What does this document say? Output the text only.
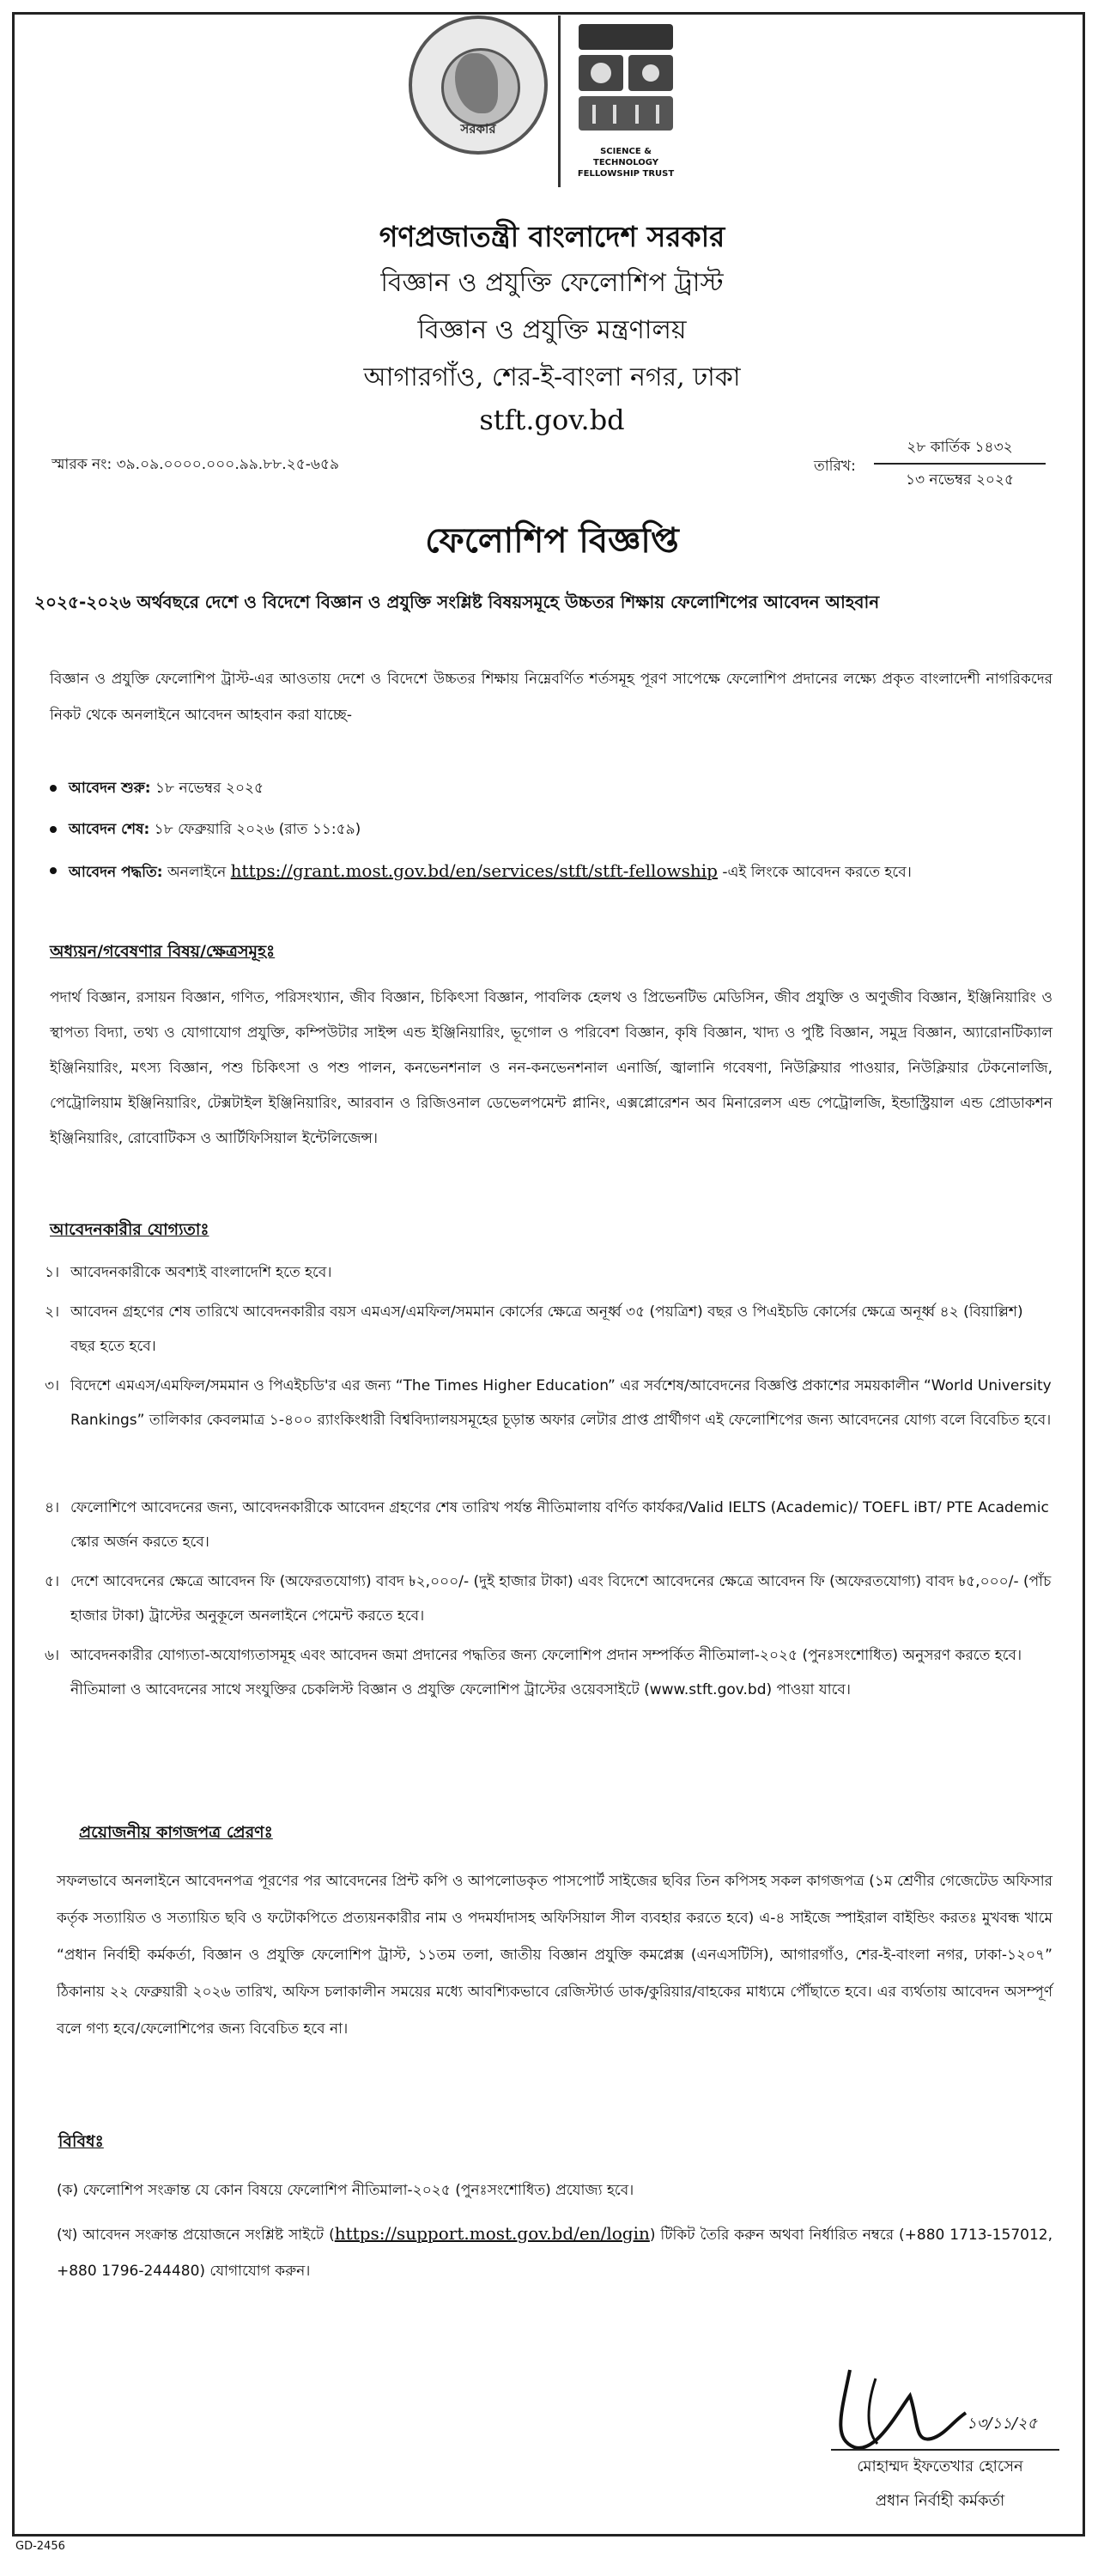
সরকার
SCIENCE & TECHNOLOGY FELLOWSHIP TRUST
গণপ্রজাতন্ত্রী বাংলাদেশ সরকার
বিজ্ঞান ও প্রযুক্তি ফেলোশিপ ট্রাস্ট
বিজ্ঞান ও প্রযুক্তি মন্ত্রণালয়
আগারগাঁও, শের-ই-বাংলা নগর, ঢাকা
stft.gov.bd
স্মারক নং: ৩৯.০৯.০০০০.০০০.৯৯.৮৮.২৫-৬৫৯	তারিখ:
২৮ কার্তিক ১৪৩২
১৩ নভেম্বর ২০২৫
ফেলোশিপ বিজ্ঞপ্তি
২০২৫-২০২৬ অর্থবছরে দেশে ও বিদেশে বিজ্ঞান ও প্রযুক্তি সংশ্লিষ্ট বিষয়সমূহে উচ্চতর শিক্ষায় ফেলোশিপের আবেদন আহবান
বিজ্ঞান ও প্রযুক্তি ফেলোশিপ ট্রাস্ট-এর আওতায় দেশে ও বিদেশে উচ্চতর শিক্ষায় নিম্নেবর্ণিত শর্তসমূহ পূরণ সাপেক্ষে ফেলোশিপ প্রদানের লক্ষ্যে প্রকৃত বাংলাদেশী নাগরিকদের নিকট থেকে অনলাইনে আবেদন আহবান করা যাচ্ছে-
আবেদন শুরু: ১৮ নভেম্বর ২০২৫
আবেদন শেষ: ১৮ ফেব্রুয়ারি ২০২৬ (রাত ১১:৫৯)
আবেদন পদ্ধতি: অনলাইনে https://grant.most.gov.bd/en/services/stft/stft-fellowship -এই লিংকে আবেদন করতে হবে।
অধ্যয়ন/গবেষণার বিষয়/ক্ষেত্রসমূহঃ
পদার্থ বিজ্ঞান, রসায়ন বিজ্ঞান, গণিত, পরিসংখ্যান, জীব বিজ্ঞান, চিকিৎসা বিজ্ঞান, পাবলিক হেলথ ও প্রিভেনটিভ মেডিসিন, জীব প্রযুক্তি ও অণুজীব বিজ্ঞান, ইঞ্জিনিয়ারিং ও স্থাপত্য বিদ্যা, তথ্য ও যোগাযোগ প্রযুক্তি, কম্পিউটার সাইন্স এন্ড ইঞ্জিনিয়ারিং, ভূগোল ও পরিবেশ বিজ্ঞান, কৃষি বিজ্ঞান, খাদ্য ও পুষ্টি বিজ্ঞান, সমুদ্র বিজ্ঞান, অ্যারোনটিক্যাল ইঞ্জিনিয়ারিং, মৎস্য বিজ্ঞান, পশু চিকিৎসা ও পশু পালন, কনভেনশনাল ও নন-কনভেনশনাল এনার্জি, জ্বালানি গবেষণা, নিউক্লিয়ার পাওয়ার, নিউক্লিয়ার টেকনোলজি, পেট্রোলিয়াম ইঞ্জিনিয়ারিং, টেক্সটাইল ইঞ্জিনিয়ারিং, আরবান ও রিজিওনাল ডেভেলপমেন্ট প্লানিং, এক্সপ্লোরেশন অব মিনারেলস এন্ড পেট্রোলজি, ইন্ডাস্ট্রিয়াল এন্ড প্রোডাকশন ইঞ্জিনিয়ারিং, রোবোটিকস ও আর্টিফিসিয়াল ইন্টেলিজেন্স।
আবেদনকারীর যোগ্যতাঃ
১। আবেদনকারীকে অবশ্যই বাংলাদেশি হতে হবে।
২। আবেদন গ্রহণের শেষ তারিখে আবেদনকারীর বয়স এমএস/এমফিল/সমমান কোর্সের ক্ষেত্রে অনূর্ধ্ব ৩৫ (পয়ত্রিশ) বছর ও পিএইচডি কোর্সের ক্ষেত্রে অনূর্ধ্ব ৪২ (বিয়াল্লিশ) বছর হতে হবে।
৩। বিদেশে এমএস/এমফিল/সমমান ও পিএইচডি'র এর জন্য “The Times Higher Education” এর সর্বশেষ/আবেদনের বিজ্ঞপ্তি প্রকাশের সময়কালীন “World University Rankings” তালিকার কেবলমাত্র ১-৪০০ র‍্যাংকিংধারী বিশ্ববিদ্যালয়সমূহের চূড়ান্ত অফার লেটার প্রাপ্ত প্রার্থীগণ এই ফেলোশিপের জন্য আবেদনের যোগ্য বলে বিবেচিত হবে।
৪। ফেলোশিপে আবেদনের জন্য, আবেদনকারীকে আবেদন গ্রহণের শেষ তারিখ পর্যন্ত নীতিমালায় বর্ণিত কার্যকর/Valid IELTS (Academic)/ TOEFL iBT/ PTE Academic স্কোর অর্জন করতে হবে।
৫। দেশে আবেদনের ক্ষেত্রে আবেদন ফি (অফেরতযোগ্য) বাবদ ৳২,০০০/- (দুই হাজার টাকা) এবং বিদেশে আবেদনের ক্ষেত্রে আবেদন ফি (অফেরতযোগ্য) বাবদ ৳৫,০০০/- (পাঁচ হাজার টাকা) ট্রাস্টের অনুকূলে অনলাইনে পেমেন্ট করতে হবে।
৬। আবেদনকারীর যোগ্যতা-অযোগ্যতাসমূহ এবং আবেদন জমা প্রদানের পদ্ধতির জন্য ফেলোশিপ প্রদান সম্পর্কিত নীতিমালা-২০২৫ (পুনঃসংশোধিত) অনুসরণ করতে হবে। নীতিমালা ও আবেদনের সাথে সংযুক্তির চেকলিস্ট বিজ্ঞান ও প্রযুক্তি ফেলোশিপ ট্রাস্টের ওয়েবসাইটে (www.stft.gov.bd) পাওয়া যাবে।
প্রয়োজনীয় কাগজপত্র প্রেরণঃ
সফলভাবে অনলাইনে আবেদনপত্র পূরণের পর আবেদনের প্রিন্ট কপি ও আপলোডকৃত পাসপোর্ট সাইজের ছবির তিন কপিসহ সকল কাগজপত্র (১ম শ্রেণীর গেজেটেড অফিসার কর্তৃক সত্যায়িত ও সত্যায়িত ছবি ও ফটোকপিতে প্রত্যয়নকারীর নাম ও পদমর্যাদাসহ অফিসিয়াল সীল ব্যবহার করতে হবে) এ-৪ সাইজে স্পাইরাল বাইন্ডিং করতঃ মুখবন্ধ খামে “প্রধান নির্বাহী কর্মকর্তা, বিজ্ঞান ও প্রযুক্তি ফেলোশিপ ট্রাস্ট, ১১তম তলা, জাতীয় বিজ্ঞান প্রযুক্তি কমপ্লেক্স (এনএসটিসি), আগারগাঁও, শের-ই-বাংলা নগর, ঢাকা-১২০৭” ঠিকানায় ২২ ফেব্রুয়ারী ২০২৬ তারিখ, অফিস চলাকালীন সময়ের মধ্যে আবশ্যিকভাবে রেজিস্টার্ড ডাক/কুরিয়ার/বাহকের মাধ্যমে পৌঁছাতে হবে। এর ব্যর্থতায় আবেদন অসম্পূর্ণ বলে গণ্য হবে/ফেলোশিপের জন্য বিবেচিত হবে না।
বিবিধঃ
(ক) ফেলোশিপ সংক্রান্ত যে কোন বিষয়ে ফেলোশিপ নীতিমালা-২০২৫ (পুনঃসংশোধিত) প্রযোজ্য হবে।
(খ) আবেদন সংক্রান্ত প্রয়োজনে সংশ্লিষ্ট সাইটে (https://support.most.gov.bd/en/login) টিকিট তৈরি করুন অথবা নির্ধারিত নম্বরে (+880 1713-157012, +880 1796-244480) যোগাযোগ করুন।
১৩/১১/২৫
মোহাম্মদ ইফতেখার হোসেন
প্রধান নির্বাহী কর্মকর্তা
GD-2456
